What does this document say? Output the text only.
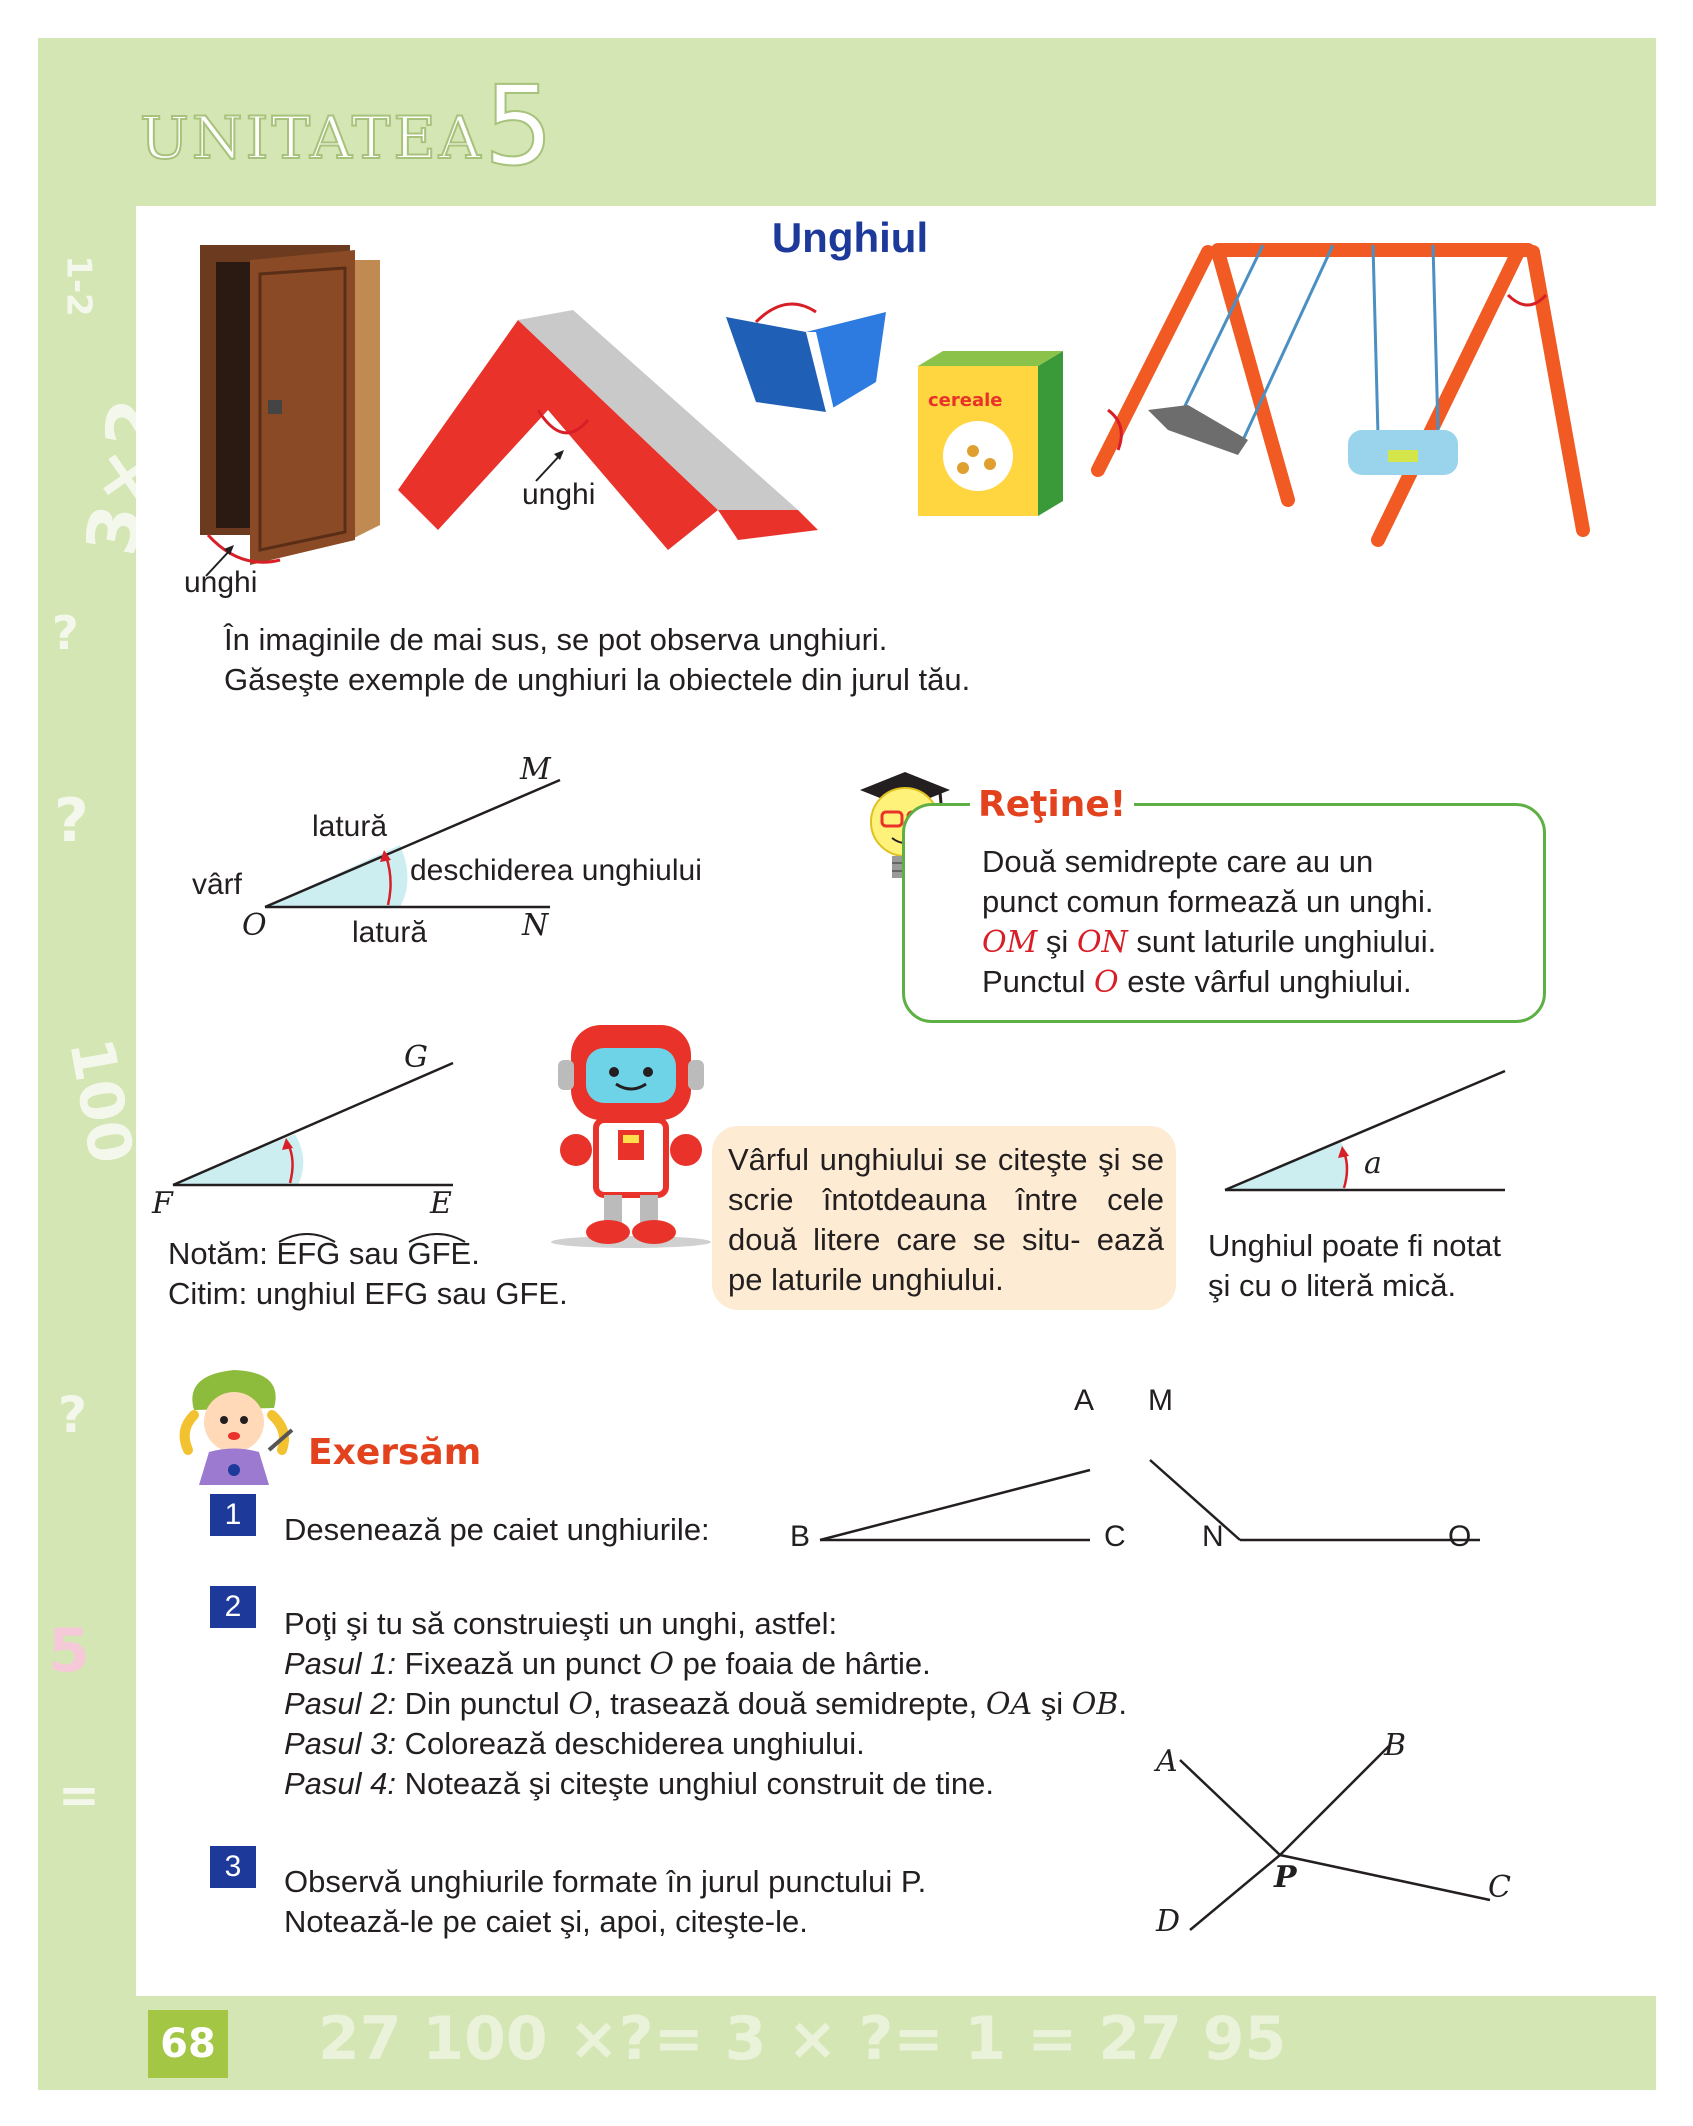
1-2
3×2
?
?
100
?
5
=
27 100 ×?= 3 × ?= 1 = 27 95
UNITATEA5
68
Unghiul
unghi
unghi
cereale
În imaginile de mai sus, se pot observa unghiuri.
Găseşte exemple de unghiuri la obiectele din jurul tău.
M
O	N
latură
latură
vârf	deschiderea unghiului
Reţine!
Două semidrepte care au un
punct comun formează un unghi.
OM şi ON sunt laturile unghiului.
Punctul O este vârful unghiului.
G
F	E
Notăm: EFG
sau GFE
.
Citim: unghiul EFG sau GFE.
Vârful unghiului se citeşte şi se scrie întotdeauna între cele două litere care se situ- ează pe laturile unghiului.
a
Unghiul poate fi notat
şi cu o literă mică.
Exersăm
1	Desenează pe caiet unghiurile:
A
B	C
M
N	O
2	Poţi şi tu să construieşti un unghi, astfel:
Pasul 1: Fixează un punct O pe foaia de hârtie.
Pasul 2: Din punctul O, trasează două semidrepte, OA şi OB.
Pasul 3: Colorează deschiderea unghiului.
Pasul 4: Notează şi citeşte unghiul construit de tine.
3	Observă unghiurile formate în jurul punctului P.
Notează-le pe caiet şi, apoi, citeşte-le.
A	B
C
D
P
